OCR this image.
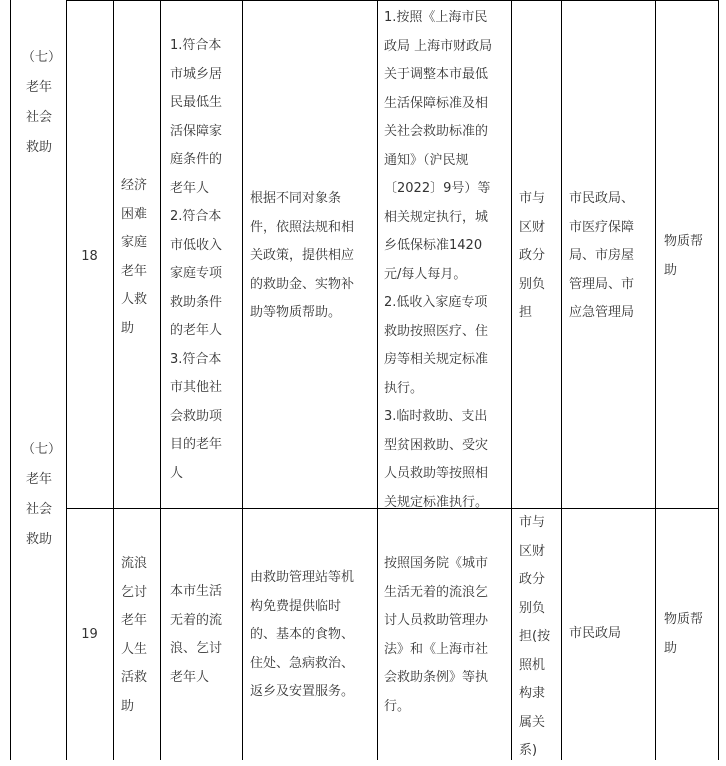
（七）
老年
社会
救助
（七）
老年
社会
救助
18
经济
困难
家庭
老年
人救
助
1.符合本
市城乡居
民最低生
活保障家
庭条件的
老年人
2.符合本
市低收入
家庭专项
救助条件
的老年人
3.符合本
市其他社
会救助项
目的老年
人
根据不同对象条
件，依照法规和相
关政策，提供相应
的救助金、实物补
助等物质帮助。
1.按照《上海市民
政局 上海市财政局
关于调整本市最低
生活保障标准及相
关社会救助标准的
通知》（沪民规
〔2022〕9号）等
相关规定执行，城
乡低保标准1420
元/每人每月。
2.低收入家庭专项
救助按照医疗、住
房等相关规定标准
执行。
3.临时救助、支出
型贫困救助、受灾
人员救助等按照相
关规定标准执行。
市与
区财
政分
别负
担
市民政局、
市医疗保障
局、市房屋
管理局、市
应急管理局
物质帮
助
19
流浪
乞讨
老年
人生
活救
助
本市生活
无着的流
浪、乞讨
老年人
由救助管理站等机
构免费提供临时
的、基本的食物、
住处、急病救治、
返乡及安置服务。
按照国务院《城市
生活无着的流浪乞
讨人员救助管理办
法》和《上海市社
会救助条例》等执
行。
市与
区财
政分
别负
担(按
照机
构隶
属关
系)
市民政局
物质帮
助
